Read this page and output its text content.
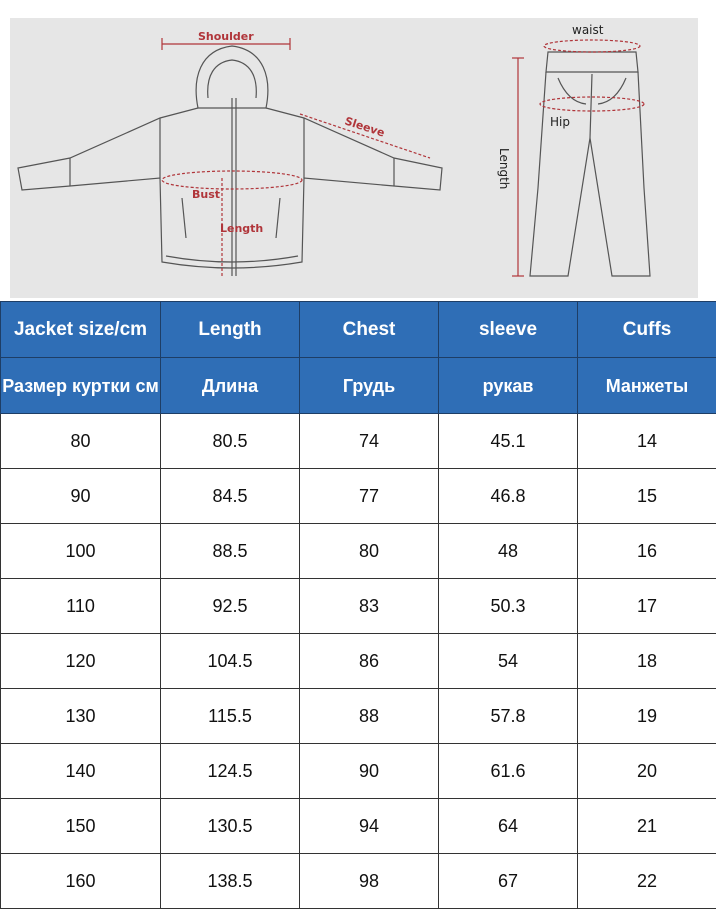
Shoulder
Sleeve
Bust
Length
waist
Hip
Length
Jacket size/cm	Length	Chest	sleeve	Cuffs
Размер куртки см	Длина	Грудь	рукав	Манжеты
80	80.5	74	45.1	14
90	84.5	77	46.8	15
100	88.5	80	48	16
110	92.5	83	50.3	17
120	104.5	86	54	18
130	115.5	88	57.8	19
140	124.5	90	61.6	20
150	130.5	94	64	21
160	138.5	98	67	22
